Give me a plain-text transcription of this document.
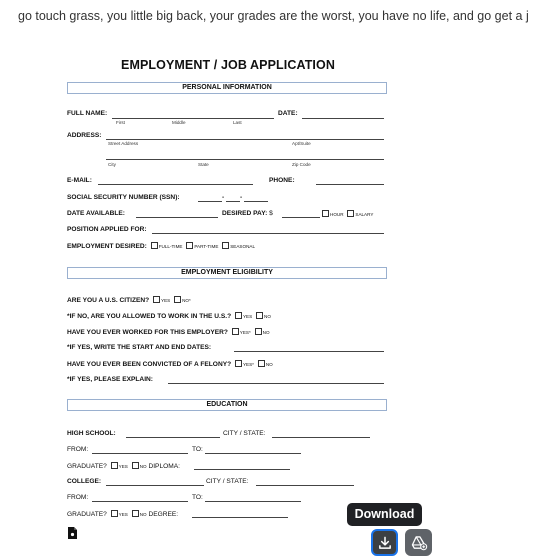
go touch grass, you little big back, your grades are the worst, you have no life, and go get a j
EMPLOYMENT / JOB APPLICATION
PERSONAL INFORMATION
FULL NAME:	DATE:
First	Middle	Last
ADDRESS:
Street Address	Apt/Suite
City	State	Zip Code
E-MAIL:	PHONE:
SOCIAL SECURITY NUMBER (SSN):	- -
DATE AVAILABLE:	DESIRED PAY: $	HOUR	SALARY
POSITION APPLIED FOR:
EMPLOYMENT DESIRED:	FULL-TIME	PART-TIME	SEASONAL
EMPLOYMENT ELIGIBILITY
ARE YOU A U.S. CITIZEN?	YES	NO*
*IF NO, ARE YOU ALLOWED TO WORK IN THE U.S.?	YES	NO
HAVE YOU EVER WORKED FOR THIS EMPLOYER?	YES*	NO
*IF YES, WRITE THE START AND END DATES:
HAVE YOU EVER BEEN CONVICTED OF A FELONY?	YES*	NO
*IF YES, PLEASE EXPLAIN:
EDUCATION
HIGH SCHOOL:	CITY / STATE:
FROM:	TO:
GRADUATE?	YES	NO DIPLOMA:
COLLEGE:	CITY / STATE:
FROM:	TO:
GRADUATE?	YES	NO DEGREE:	Download
